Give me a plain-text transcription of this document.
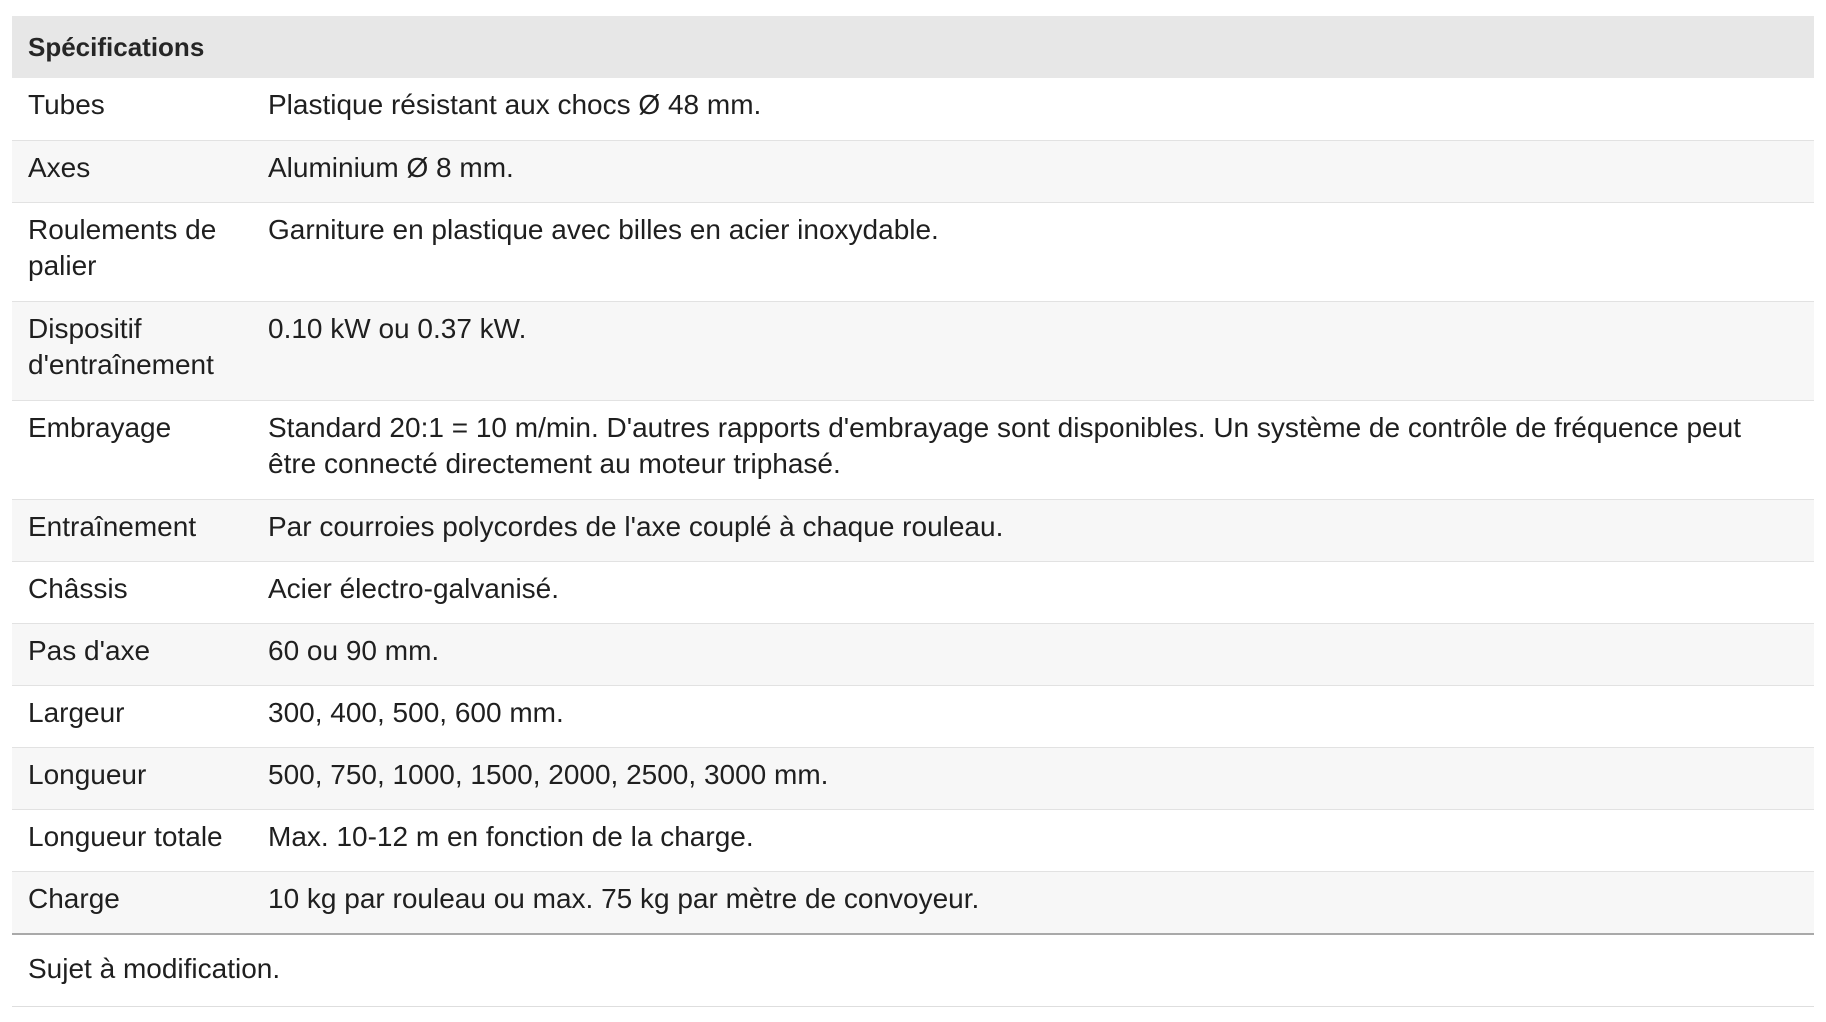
Spécifications	
Tubes	Plastique résistant aux chocs Ø 48 mm.
Axes	Aluminium Ø 8 mm.
Roulements de palier	Garniture en plastique avec billes en acier inoxydable.
Dispositif d'entraînement	0.10 kW ou 0.37 kW.
Embrayage	Standard 20:1 = 10 m/min. D'autres rapports d'embrayage sont disponibles. Un système de contrôle de fréquence peut être connecté directement au moteur triphasé.
Entraînement	Par courroies polycordes de l'axe couplé à chaque rouleau.
Châssis	Acier électro-galvanisé.
Pas d'axe	60 ou 90 mm.
Largeur	300, 400, 500, 600 mm.
Longueur	500, 750, 1000, 1500, 2000, 2500, 3000 mm.
Longueur totale	Max. 10-12 m en fonction de la charge.
Charge	10 kg par rouleau ou max. 75 kg par mètre de convoyeur.
Sujet à modification.
